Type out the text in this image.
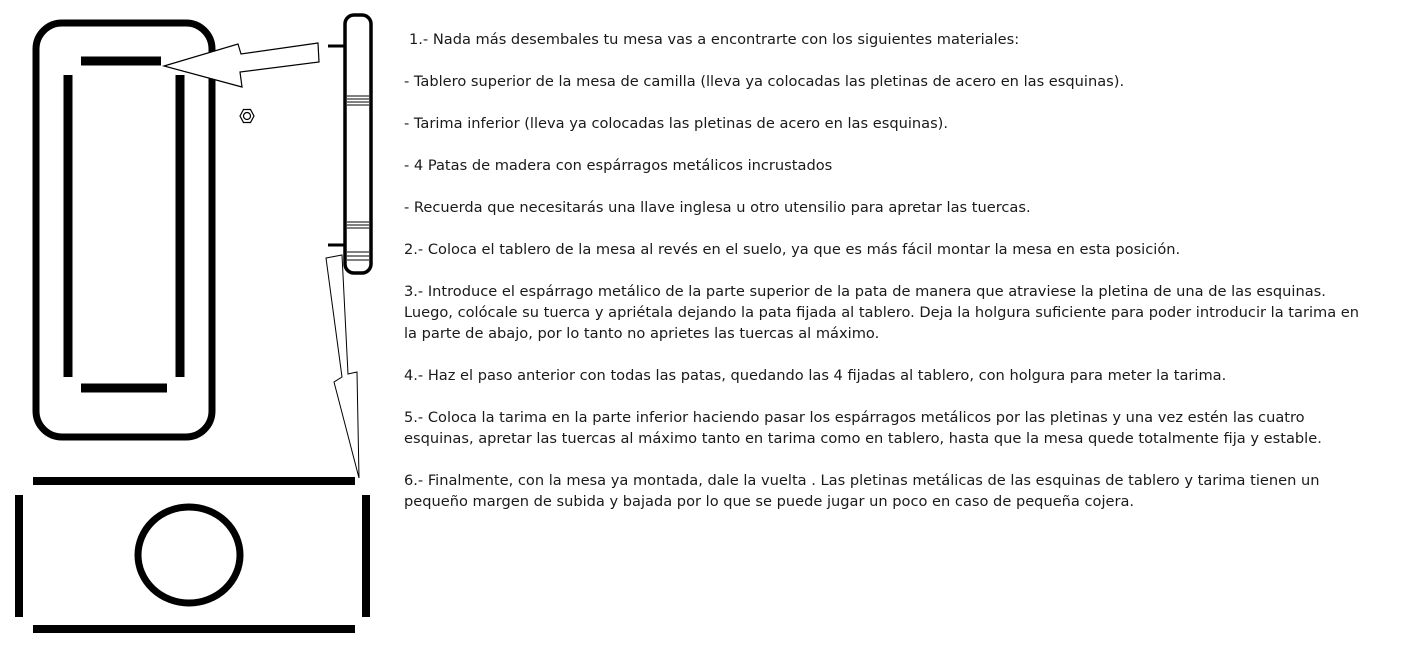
1.- Nada más desembales tu mesa vas a encontrarte con los siguientes materiales:

- Tablero superior de la mesa de camilla (lleva ya colocadas las pletinas de acero en las esquinas).

- Tarima inferior (lleva ya colocadas las pletinas de acero en las esquinas).

- 4 Patas de madera con espárragos metálicos incrustados

- Recuerda que necesitarás una llave inglesa u otro utensilio para apretar las tuercas.

2.- Coloca el tablero de la mesa al revés en el suelo, ya que es más fácil montar la mesa en esta posición.

3.- Introduce el espárrago metálico de la parte superior de la pata de manera que atraviese la pletina de una de las esquinas. Luego, colócale su tuerca y apriétala dejando la pata fijada al tablero. Deja la holgura suficiente para poder introducir la tarima en la parte de abajo, por lo tanto no aprietes las tuercas al máximo.

4.- Haz el paso anterior con todas las patas, quedando las 4 fijadas al tablero, con holgura para meter la tarima.

5.- Coloca la tarima en la parte inferior haciendo pasar los espárragos metálicos por las pletinas y una vez estén las cuatro esquinas, apretar las tuercas al máximo tanto en tarima como en tablero, hasta que la mesa quede totalmente fija y estable.

6.- Finalmente, con la mesa ya montada, dale la vuelta . Las pletinas metálicas de las esquinas de tablero y tarima tienen un pequeño margen de subida y bajada por lo que se puede jugar un poco en caso de pequeña cojera.
